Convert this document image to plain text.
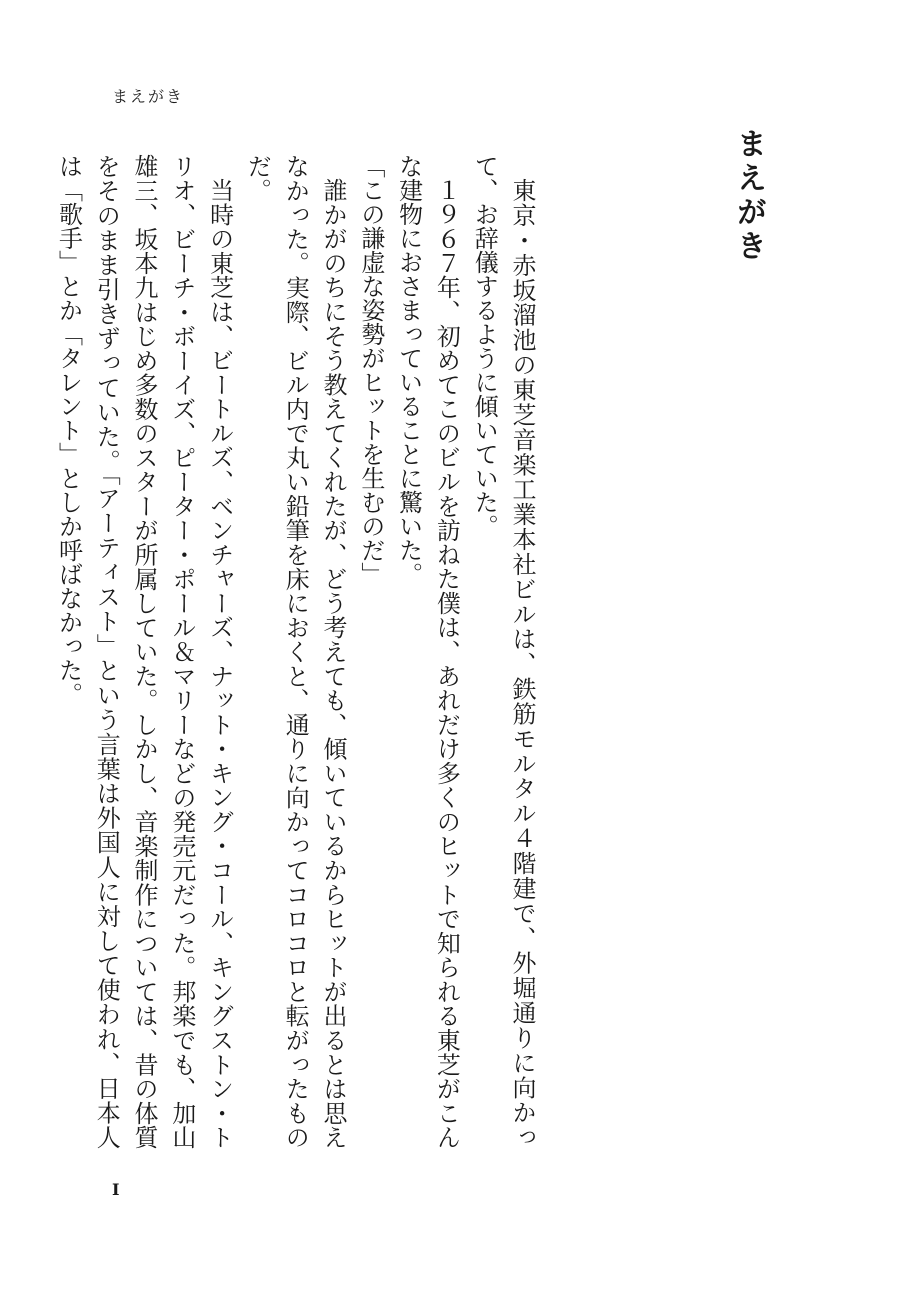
まえがき
まえがき

東京・赤坂溜池の東芝音楽工業本社ビルは、鉄筋モルタル４階建で、外堀通りに向かって、お辞儀するように傾いていた。

１９６７年、初めてこのビルを訪ねた僕は、あれだけ多くのヒットで知られる東芝がこんな建物におさまっていることに驚いた。

「この謙虚な姿勢がヒットを生むのだ」

誰かがのちにそう教えてくれたが、どう考えても、傾いているからヒットが出るとは思えなかった。実際、ビル内で丸い鉛筆を床におくと、通りに向かってコロコロと転がったものだ。

当時の東芝は、ビートルズ、ベンチャーズ、ナット・キング・コール、キングストン・トリオ、ビーチ・ボーイズ、ピーター・ポール＆マリーなどの発売元だった。邦楽でも、加山雄三、坂本九はじめ多数のスターが所属していた。しかし、音楽制作については、昔の体質をそのまま引きずっていた。「アーティスト」という言葉は外国人に対して使われ、日本人は「歌手」とか「タレント」としか呼ばなかった。

I
